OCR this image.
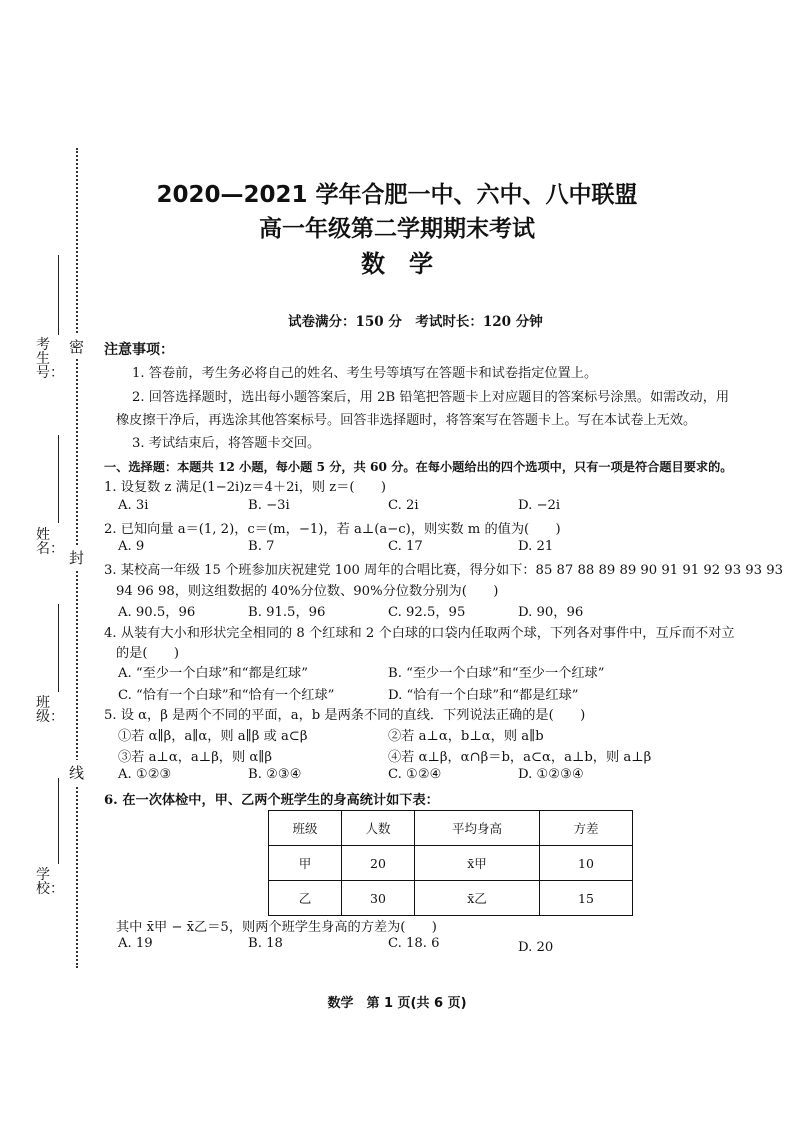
考生号：
姓名：
班级：
学校：
密
封
线
2020—2021 学年合肥一中、六中、八中联盟
高一年级第二学期期末考试
数　学
试卷满分：150 分　考试时长：120 分钟
注意事项：
1. 答卷前，考生务必将自己的姓名、考生号等填写在答题卡和试卷指定位置上。
2. 回答选择题时，选出每小题答案后，用 2B 铅笔把答题卡上对应题目的答案标号涂黑。如需改动，用
橡皮擦干净后，再选涂其他答案标号。回答非选择题时，将答案写在答题卡上。写在本试卷上无效。
3. 考试结束后，将答题卡交回。
一、选择题：本题共 12 小题，每小题 5 分，共 60 分。在每小题给出的四个选项中，只有一项是符合题目要求的。
1. 设复数 z 满足(1−2i)z＝4＋2i，则 z＝(　　)
A. 3i	B. −3i	C. 2i	D. −2i
2. 已知向量 a＝(1, 2)，c＝(m，−1)，若 a⊥(a−c)，则实数 m 的值为(　　)
A. 9	B. 7	C. 17	D. 21
3. 某校高一年级 15 个班参加庆祝建党 100 周年的合唱比赛，得分如下：85 87 88 89 89 90 91 91 92 93 93 93
94 96 98，则这组数据的 40%分位数、90%分位数分别为(　　)
A. 90.5，96	B. 91.5，96	C. 92.5，95	D. 90，96
4. 从装有大小和形状完全相同的 8 个红球和 2 个白球的口袋内任取两个球，下列各对事件中，互斥而不对立
的是(　　)
A. “至少一个白球”和“都是红球”	B. “至少一个白球”和“至少一个红球”
C. “恰有一个白球”和“恰有一个红球”	D. “恰有一个白球”和“都是红球”
5. 设 α，β 是两个不同的平面，a，b 是两条不同的直线．下列说法正确的是(　　)
①若 α∥β，a∥α，则 a∥β 或 a⊂β	②若 a⊥α，b⊥α，则 a∥b
③若 a⊥α，a⊥β，则 α∥β	④若 α⊥β，α∩β＝b，a⊂α，a⊥b，则 a⊥β
A. ①②③	B. ②③④	C. ①②④	D. ①②③④
6. 在一次体检中，甲、乙两个班学生的身高统计如下表：
班级	人数	平均身高	方差
甲	20	x̄甲	10
乙	30	x̄乙	15
其中 x̄甲 − x̄乙＝5，则两个班学生身高的方差为(　　)
A. 19	B. 18	C. 18. 6	D. 20
数学　第 1 页(共 6 页)
